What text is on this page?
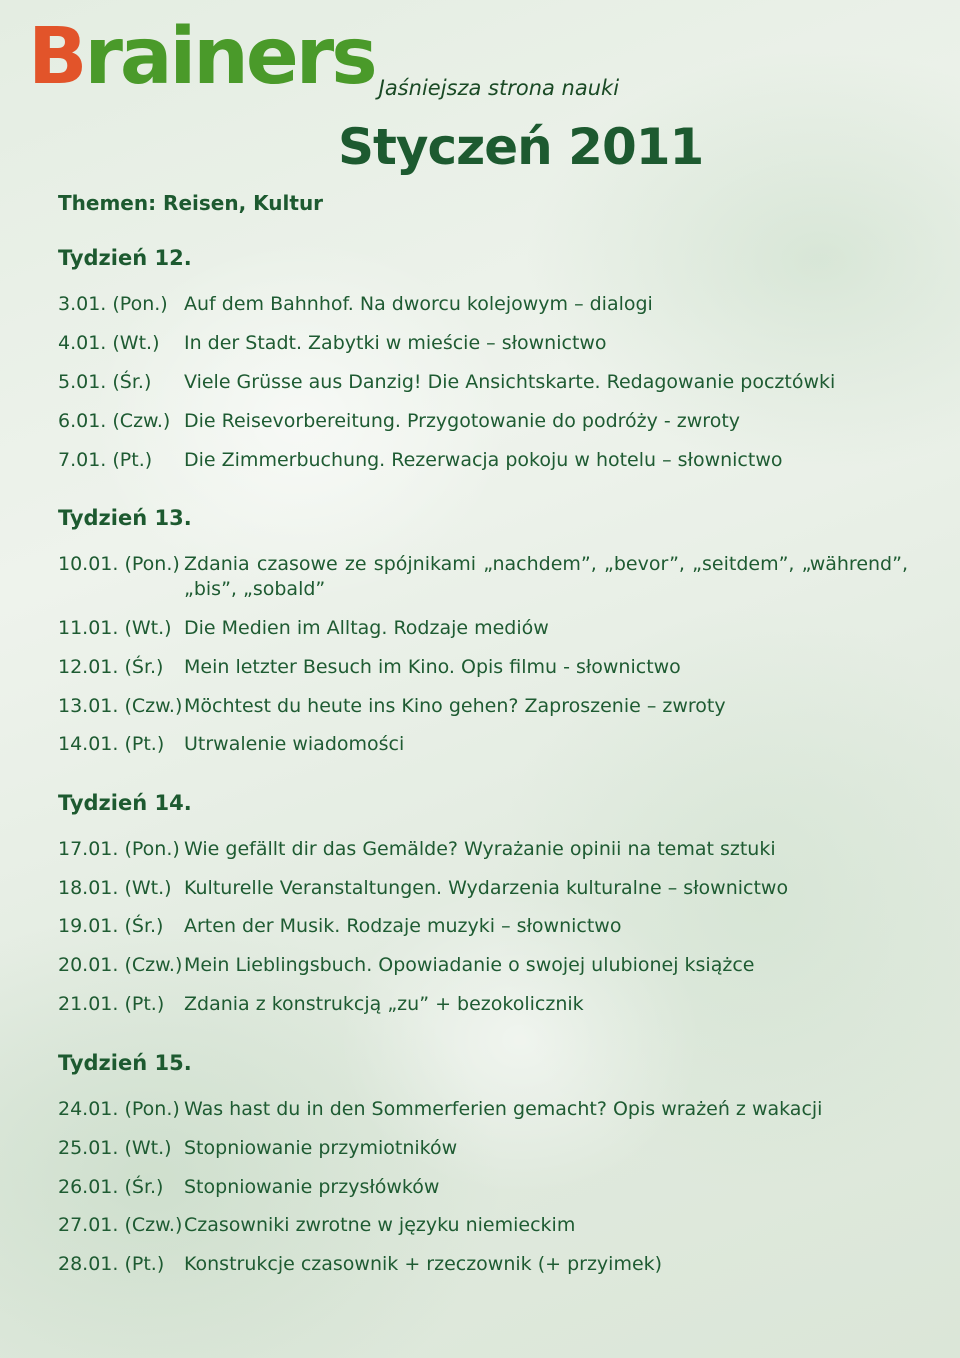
Brainers Jaśniejsza strona nauki
Styczeń 2011
Themen: Reisen, Kultur
Tydzień 12.
3.01. (Pon.) Auf dem Bahnhof. Na dworcu kolejowym – dialogi
4.01. (Wt.)	In der Stadt. Zabytki w mieście – słownictwo
5.01. (Śr.)	Viele Grüsse aus Danzig! Die Ansichtskarte. Redagowanie pocztówki
6.01. (Czw.) Die Reisevorbereitung. Przygotowanie do podróży - zwroty
7.01. (Pt.)	Die Zimmerbuchung. Rezerwacja pokoju w hotelu – słownictwo
Tydzień 13.
10.01. (Pon.) Zdania czasowe ze spójnikami „nachdem”, „bevor”, „seitdem”, „während”, „bis”, „sobald”
11.01. (Wt.) Die Medien im Alltag. Rodzaje mediów
12.01. (Śr.)	Mein letzter Besuch im Kino. Opis filmu - słownictwo
13.01. (Czw.) Möchtest du heute ins Kino gehen? Zaproszenie – zwroty
14.01. (Pt.)	Utrwalenie wiadomości
Tydzień 14.
17.01. (Pon.) Wie gefällt dir das Gemälde? Wyrażanie opinii na temat sztuki
18.01. (Wt.) Kulturelle Veranstaltungen. Wydarzenia kulturalne – słownictwo
19.01. (Śr.)	Arten der Musik. Rodzaje muzyki – słownictwo
20.01. (Czw.) Mein Lieblingsbuch. Opowiadanie o swojej ulubionej książce
21.01. (Pt.)	Zdania z konstrukcją „zu” + bezokolicznik
Tydzień 15.
24.01. (Pon.) Was hast du in den Sommerferien gemacht? Opis wrażeń z wakacji
25.01. (Wt.) Stopniowanie przymiotników
26.01. (Śr.)	Stopniowanie przysłówków
27.01. (Czw.) Czasowniki zwrotne w języku niemieckim
28.01. (Pt.)	Konstrukcje czasownik + rzeczownik (+ przyimek)
